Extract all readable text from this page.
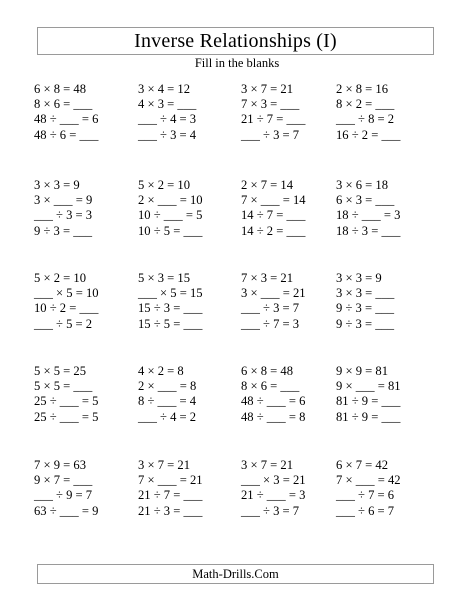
Inverse Relationships (I)
Fill in the blanks
6 × 8 = 48
8 × 6 = ___
48 ÷ ___ = 6
48 ÷ 6 = ___
3 × 4 = 12
4 × 3 = ___
___ ÷ 4 = 3
___ ÷ 3 = 4
3 × 7 = 21
7 × 3 = ___
21 ÷ 7 = ___
___ ÷ 3 = 7
2 × 8 = 16
8 × 2 = ___
___ ÷ 8 = 2
16 ÷ 2 = ___
3 × 3 = 9
3 × ___ = 9
___ ÷ 3 = 3
9 ÷ 3 = ___
5 × 2 = 10
2 × ___ = 10
10 ÷ ___ = 5
10 ÷ 5 = ___
2 × 7 = 14
7 × ___ = 14
14 ÷ 7 = ___
14 ÷ 2 = ___
3 × 6 = 18
6 × 3 = ___
18 ÷ ___ = 3
18 ÷ 3 = ___
5 × 2 = 10
___ × 5 = 10
10 ÷ 2 = ___
___ ÷ 5 = 2
5 × 3 = 15
___ × 5 = 15
15 ÷ 3 = ___
15 ÷ 5 = ___
7 × 3 = 21
3 × ___ = 21
___ ÷ 3 = 7
___ ÷ 7 = 3
3 × 3 = 9
3 × 3 = ___
9 ÷ 3 = ___
9 ÷ 3 = ___
5 × 5 = 25
5 × 5 = ___
25 ÷ ___ = 5
25 ÷ ___ = 5
4 × 2 = 8
2 × ___ = 8
8 ÷ ___ = 4
___ ÷ 4 = 2
6 × 8 = 48
8 × 6 = ___
48 ÷ ___ = 6
48 ÷ ___ = 8
9 × 9 = 81
9 × ___ = 81
81 ÷ 9 = ___
81 ÷ 9 = ___
7 × 9 = 63
9 × 7 = ___
___ ÷ 9 = 7
63 ÷ ___ = 9
3 × 7 = 21
7 × ___ = 21
21 ÷ 7 = ___
21 ÷ 3 = ___
3 × 7 = 21
___ × 3 = 21
21 ÷ ___ = 3
___ ÷ 3 = 7
6 × 7 = 42
7 × ___ = 42
___ ÷ 7 = 6
___ ÷ 6 = 7
Math-Drills.Com
